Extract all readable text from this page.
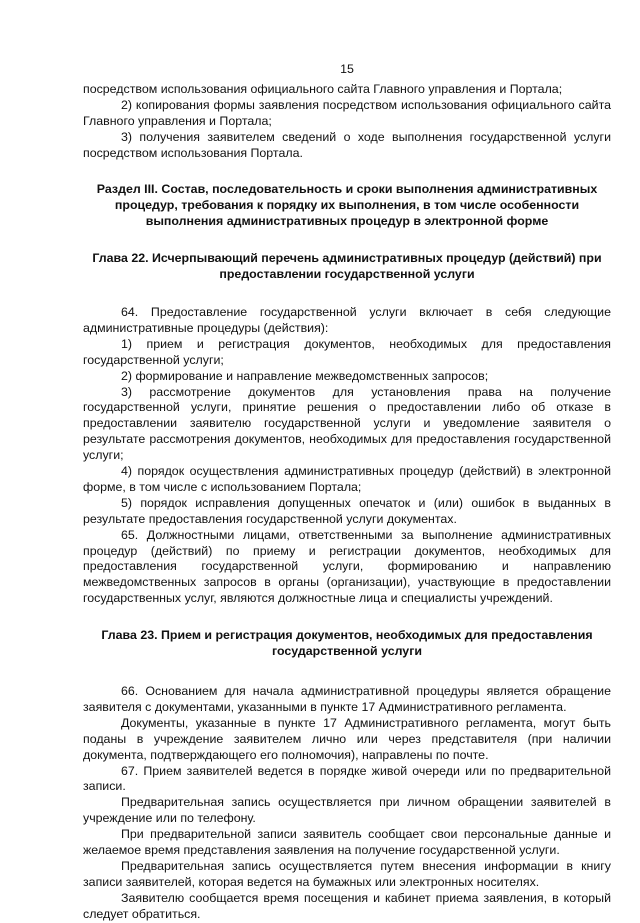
15

посредством использования официального сайта Главного управления и Портала;

2) копирования формы заявления посредством использования официального сайта Главного управления и Портала;

3) получения заявителем сведений о ходе выполнения государственной услуги посредством использования Портала.

Раздел III. Состав, последовательность и сроки выполнения административных процедур, требования к порядку их выполнения, в том числе особенности выполнения административных процедур в электронной форме
Глава 22. Исчерпывающий перечень административных процедур (действий) при предоставлении государственной услуги

64. Предоставление государственной услуги включает в себя следующие административные процедуры (действия):

1) прием и регистрация документов, необходимых для предоставления государственной услуги;

2) формирование и направление межведомственных запросов;

3) рассмотрение документов для установления права на получение государственной услуги, принятие решения о предоставлении либо об отказе в предоставлении заявителю государственной услуги и уведомление заявителя о результате рассмотрения документов, необходимых для предоставления государственной услуги;

4) порядок осуществления административных процедур (действий) в электронной форме, в том числе с использованием Портала;

5) порядок исправления допущенных опечаток и (или) ошибок в выданных в результате предоставления государственной услуги документах.

65. Должностными лицами, ответственными за выполнение административных процедур (действий) по приему и регистрации документов, необходимых для предоставления государственной услуги, формированию и направлению межведомственных запросов в органы (организации), участвующие в предоставлении государственных услуг, являются должностные лица и специалисты учреждений.

Глава 23. Прием и регистрация документов, необходимых для предоставления государственной услуги

66. Основанием для начала административной процедуры является обращение заявителя с документами, указанными в пункте 17 Административного регламента.

Документы, указанные в пункте 17 Административного регламента, могут быть поданы в учреждение заявителем лично или через представителя (при наличии документа, подтверждающего его полномочия), направлены по почте.

67. Прием заявителей ведется в порядке живой очереди или по предварительной записи.

Предварительная запись осуществляется при личном обращении заявителей в учреждение или по телефону.

При предварительной записи заявитель сообщает свои персональные данные и желаемое время представления заявления на получение государственной услуги.

Предварительная запись осуществляется путем внесения информации в книгу записи заявителей, которая ведется на бумажных или электронных носителях.

Заявителю сообщается время посещения и кабинет приема заявления, в который следует обратиться.
